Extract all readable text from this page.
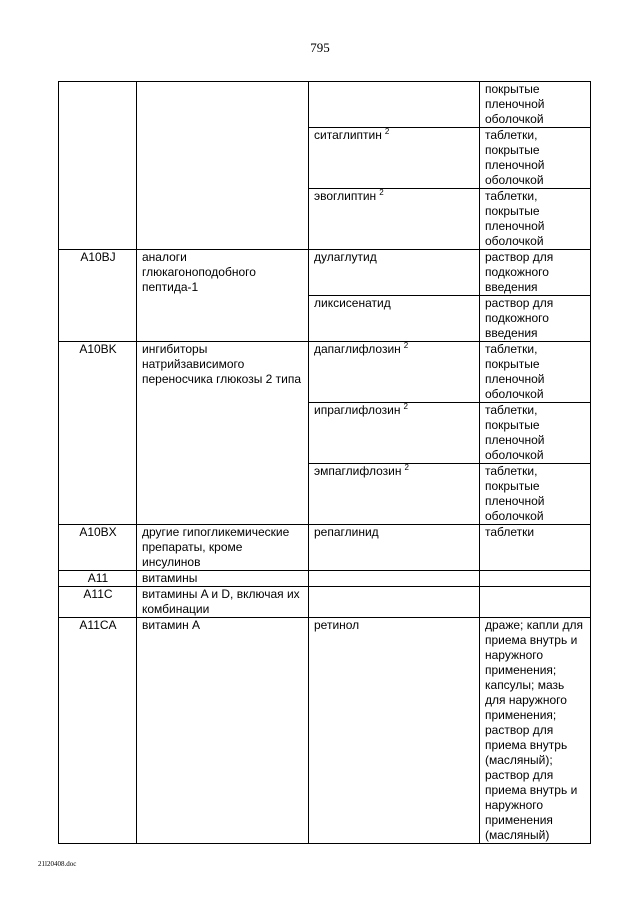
795
			покрытые пленочной оболочкой
		ситаглиптин $^2$	таблетки, покрытые пленочной оболочкой
		эвоглиптин $^2$	таблетки, покрытые пленочной оболочкой
A10BJ	аналоги глюкагоноподобного пептида-1	дулаглутид	раствор для подкожного введения
		ликсисенатид	раствор для подкожного введения
A10BK	ингибиторы натрийзависимого переносчика глюкозы 2 типа	дапаглифлозин $^2$	таблетки, покрытые пленочной оболочкой
		ипраглифлозин $^2$	таблетки, покрытые пленочной оболочкой
		эмпаглифлозин $^2$	таблетки, покрытые пленочной оболочкой
A10BX	другие гипогликемические препараты, кроме инсулинов	репаглинид	таблетки
A11	витамины		
A11C	витамины A и D, включая их комбинации		
A11CA	витамин A	ретинол	драже; капли для приема внутрь и наружного применения; капсулы; мазь для наружного применения; раствор для приема внутрь (масляный); раствор для приема внутрь и наружного применения (масляный)
21l20408.doc
